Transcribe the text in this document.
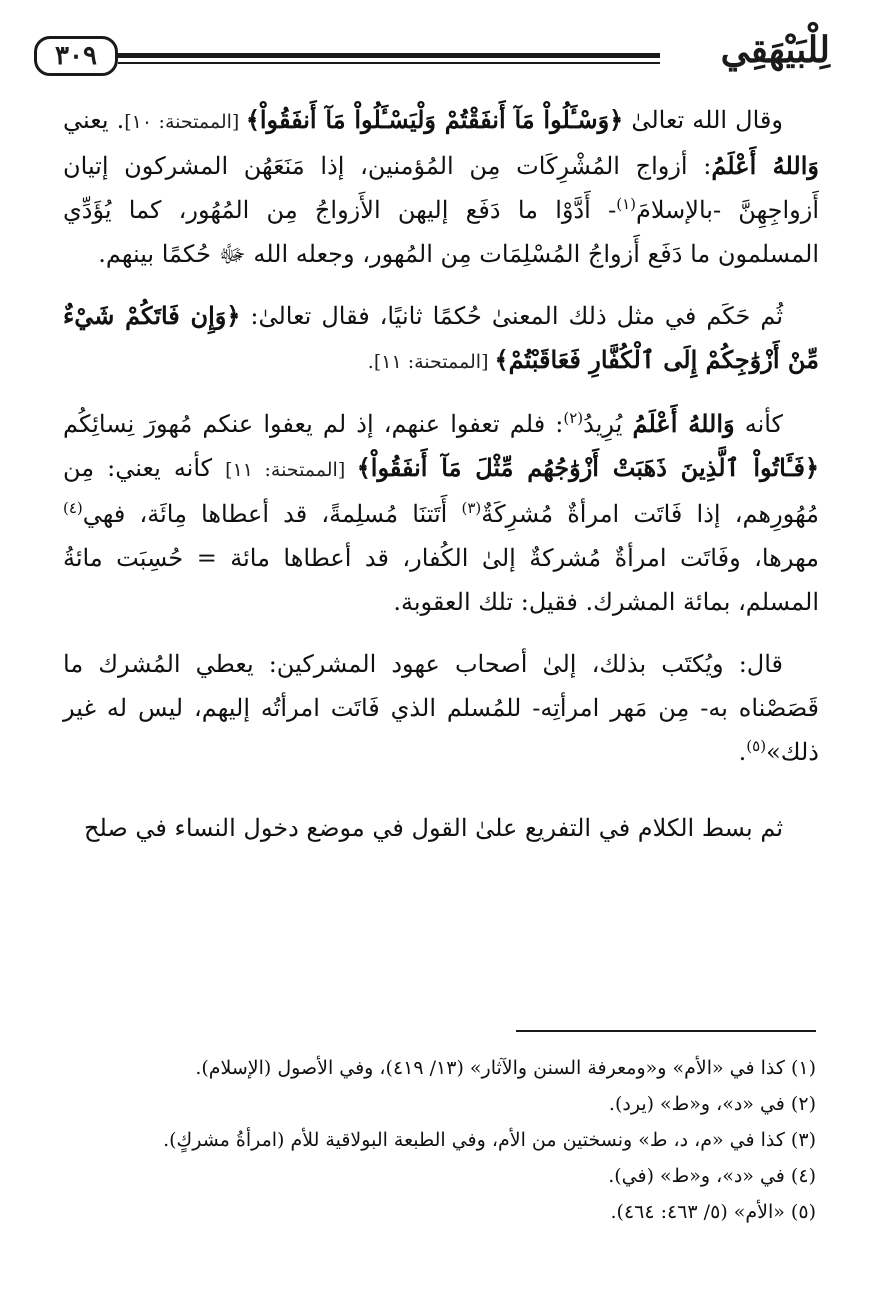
لِلْبَيْهَقِي
٣٠٩

وقال الله تعالىٰ ﴿وَسْـَٔلُواْ مَآ أَنفَقْتُمْ وَلْيَسْـَٔلُواْ مَآ أَنفَقُواْ﴾ [الممتحنة: ١٠]. يعني وَاللهُ أَعْلَمُ: أزواج المُشْرِكَات مِن المُؤمنين، إذا مَنَعَهُن المشركون إتيان أَزواجِهِنَّ -بالإسلامَ$^{(١)}$- أَدَّوْا ما دَفَع إليهن الأَزواجُ مِن المُهُور، كما يُؤَدِّي المسلمون ما دَفَع أَزواجُ المُسْلِمَات مِن المُهور، وجعله الله ﷻ حُكمًا بينهم.

ثُم حَكَم في مثل ذلك المعنىٰ حُكمًا ثانيًا، فقال تعالىٰ: ﴿وَإِن فَاتَكُمْ شَيْءٌ مِّنْ أَزْوَٰجِكُمْ إِلَى ٱلْكُفَّارِ فَعَاقَبْتُمْ﴾ [الممتحنة: ١١].

كأنه وَاللهُ أَعْلَمُ يُرِيدُ$^{(٢)}$: فلم تعفوا عنهم، إذ لم يعفوا عنكم مُهورَ نِسائِكُم ﴿فَـَٔاتُواْ ٱلَّذِينَ ذَهَبَتْ أَزْوَٰجُهُم مِّثْلَ مَآ أَنفَقُواْ﴾ [الممتحنة: ١١] كأنه يعني: مِن مُهُورِهم، إذا فَاتَت امرأةٌ مُشرِكَةٌ$^{(٣)}$ أَتَتنَا مُسلِمةً، قد أعطاها مِائَة، فهي$^{(٤)}$ مهرها، وفَاتَت امرأةٌ مُشركةٌ إلىٰ الكُفار، قد أعطاها مائة = حُسِبَت مائةُ المسلم، بمائة المشرك. فقيل: تلك العقوبة.

قال: ويُكتَب بذلك، إلىٰ أصحاب عهود المشركين: يعطي المُشرك ما قَصَصْناه به- مِن مَهر امرأتِه- للمُسلم الذي فَاتَت امرأتُه إليهم، ليس له غير ذلك»$^{(٥)}$.

ثم بسط الكلام في التفريع علىٰ القول في موضع دخول النساء في صلح

(١) كذا في «الأم» و«ومعرفة السنن والآثار» (١٣/ ٤١٩)، وفي الأصول (الإسلام).
(٢) في «د»، و«ط» (يرد).
(٣) كذا في «م، د، ط» ونسختين من الأم، وفي الطبعة البولاقية للأم (امرأةُ مشركٍ).
(٤) في «د»، و«ط» (في).
(٥) «الأم» (٥/ ٤٦٣: ٤٦٤).
